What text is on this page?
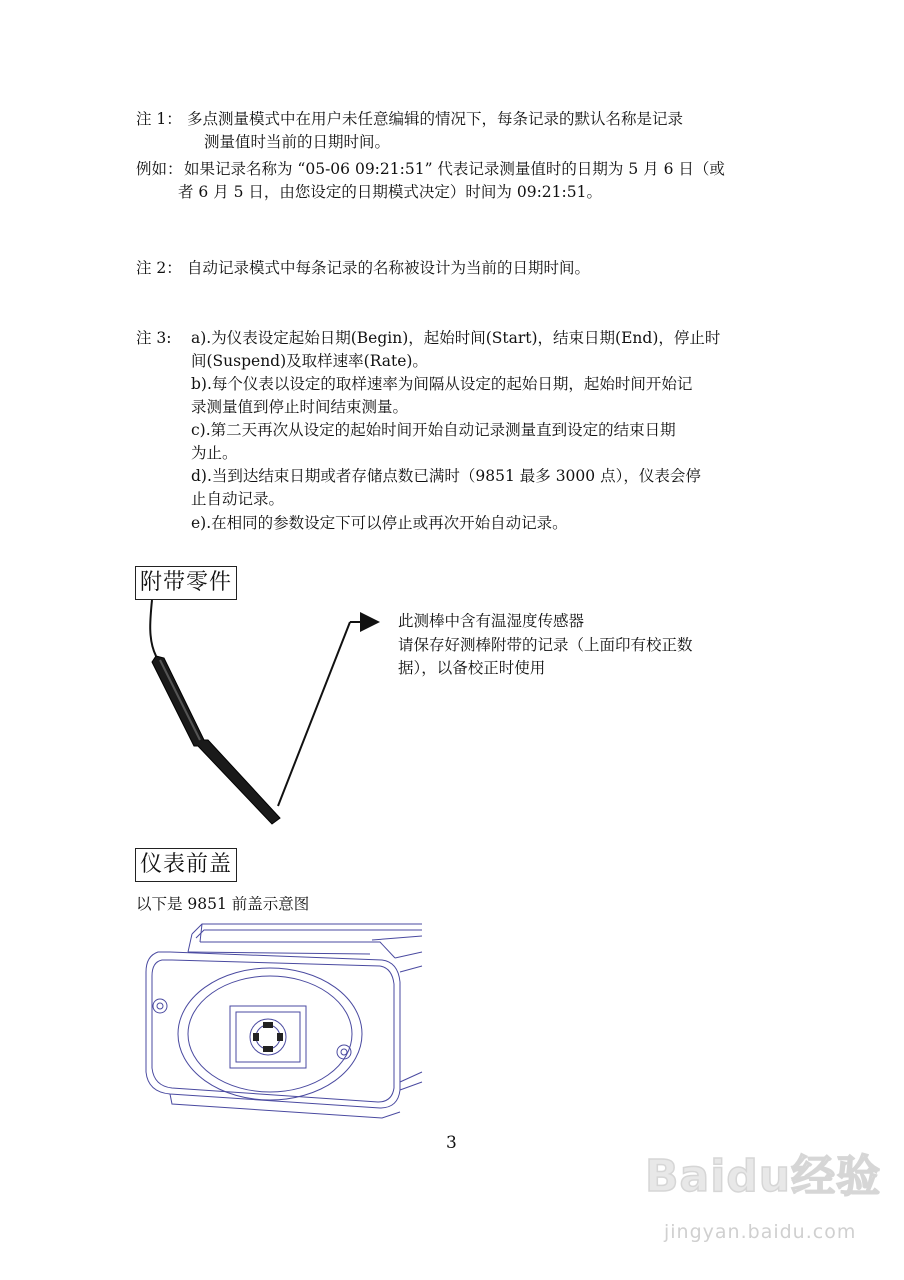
注 1： 多点测量模式中在用户未任意编辑的情况下，每条记录的默认名称是记录
测量值时当前的日期时间。
例如： 如果记录名称为 “05-06 09:21:51” 代表记录测量值时的日期为 5 月 6 日（或
者 6 月 5 日，由您设定的日期模式决定）时间为 09:21:51。
注 2： 自动记录模式中每条记录的名称被设计为当前的日期时间。
注 3: a).为仪表设定起始日期(Begin)，起始时间(Start)，结束日期(End)，停止时
间(Suspend)及取样速率(Rate)。
b).每个仪表以设定的取样速率为间隔从设定的起始日期，起始时间开始记
录测量值到停止时间结束测量。
c).第二天再次从设定的起始时间开始自动记录测量直到设定的结束日期
为止。
d).当到达结束日期或者存储点数已满时（9851 最多 3000 点），仪表会停
止自动记录。
e).在相同的参数设定下可以停止或再次开始自动记录。
附带零件
此测棒中含有温湿度传感器
请保存好测棒附带的记录（上面印有校正数
据），以备校正时使用
仪表前盖
以下是 9851 前盖示意图
3
Baidu经验
jingyan.baidu.com
